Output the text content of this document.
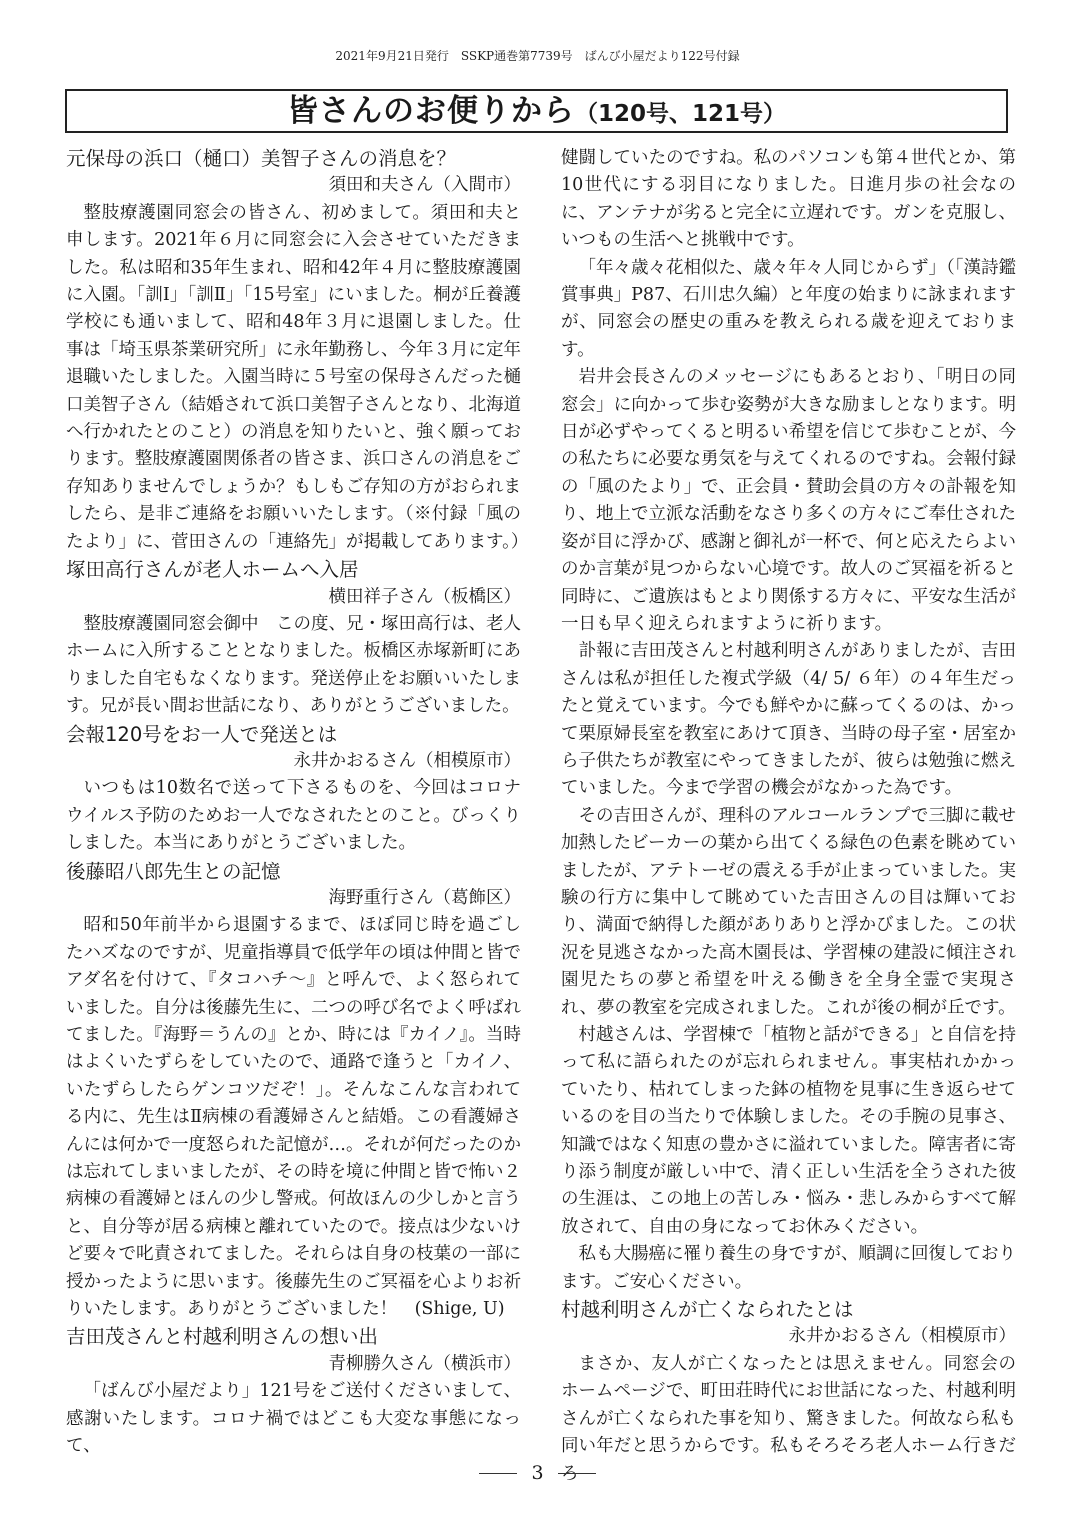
2021年9月21日発行　SSKP通巻第7739号　ばんび小屋だより122号付録
皆さんのお便りから（120号、121号）
元保母の浜口（樋口）美智子さんの消息を？
須田和夫さん（入間市）
整肢療護園同窓会の皆さん、初めまして。須田和夫と申します。2021年６月に同窓会に入会させていただきました。私は昭和35年生まれ、昭和42年４月に整肢療護園に入園。「訓Ⅰ」「訓Ⅱ」「15号室」にいました。桐が丘養護学校にも通いまして、昭和48年３月に退園しました。仕事は「埼玉県茶業研究所」に永年勤務し、今年３月に定年退職いたしました。入園当時に５号室の保母さんだった樋口美智子さん（結婚されて浜口美智子さんとなり、北海道へ行かれたとのこと）の消息を知りたいと、強く願っております。整肢療護園関係者の皆さま、浜口さんの消息をご存知ありませんでしょうか？もしもご存知の方がおられましたら、是非ご連絡をお願いいたします。（※付録「風のたより」に、菅田さんの「連絡先」が掲載してあります。）
塚田高行さんが老人ホームへ入居
横田祥子さん（板橋区）
整肢療護園同窓会御中　この度、兄・塚田高行は、老人ホームに入所することとなりました。板橋区赤塚新町にありました自宅もなくなります。発送停止をお願いいたします。兄が長い間お世話になり、ありがとうございました。
会報120号をお一人で発送とは
永井かおるさん（相模原市）
いつもは10数名で送って下さるものを、今回はコロナウイルス予防のためお一人でなされたとのこと。びっくりしました。本当にありがとうございました。
後藤昭八郎先生との記憶
海野重行さん（葛飾区）
昭和50年前半から退園するまで、ほぼ同じ時を過ごしたハズなのですが、児童指導員で低学年の頃は仲間と皆でアダ名を付けて、『タコハチ～』と呼んで、よく怒られていました。自分は後藤先生に、二つの呼び名でよく呼ばれてました。『海野＝うんの』とか、時には『カイノ』。当時はよくいたずらをしていたので、通路で逢うと「カイノ、いたずらしたらゲンコツだぞ！」。そんなこんな言われてる内に、先生はⅡ病棟の看護婦さんと結婚。この看護婦さんには何かで一度怒られた記憶が…。それが何だったのかは忘れてしまいましたが、その時を境に仲間と皆で怖い２病棟の看護婦とほんの少し警戒。何故ほんの少しかと言うと、自分等が居る病棟と離れていたので。接点は少ないけど要々で叱責されてました。それらは自身の枝葉の一部に授かったように思います。後藤先生のご冥福を心よりお祈りいたします。ありがとうございました！　(Shige, U)
吉田茂さんと村越利明さんの想い出
青柳勝久さん（横浜市）
「ばんび小屋だより」121号をご送付くださいまして、感謝いたします。コロナ禍ではどこも大変な事態になって、
健闘していたのですね。私のパソコンも第４世代とか、第10世代にする羽目になりました。日進月歩の社会なのに、アンテナが劣ると完全に立遅れです。ガンを克服し、いつもの生活へと挑戦中です。
「年々歳々花相似た、歳々年々人同じからず」（「漢詩鑑賞事典」P87、石川忠久編）と年度の始まりに詠まれますが、同窓会の歴史の重みを教えられる歳を迎えております。
岩井会長さんのメッセージにもあるとおり、「明日の同窓会」に向かって歩む姿勢が大きな励ましとなります。明日が必ずやってくると明るい希望を信じて歩むことが、今の私たちに必要な勇気を与えてくれるのですね。会報付録の「風のたより」で、正会員・賛助会員の方々の訃報を知り、地上で立派な活動をなさり多くの方々にご奉仕された姿が目に浮かび、感謝と御礼が一杯で、何と応えたらよいのか言葉が見つからない心境です。故人のご冥福を祈ると同時に、ご遺族はもとより関係する方々に、平安な生活が一日も早く迎えられますように祈ります。
訃報に吉田茂さんと村越利明さんがありましたが、吉田さんは私が担任した複式学級（4/ 5/ ６年）の４年生だったと覚えています。今でも鮮やかに蘇ってくるのは、かって栗原婦長室を教室にあけて頂き、当時の母子室・居室から子供たちが教室にやってきましたが、彼らは勉強に燃えていました。今まで学習の機会がなかった為です。
その吉田さんが、理科のアルコールランプで三脚に載せ加熱したビーカーの葉から出てくる緑色の色素を眺めていましたが、アテトーゼの震える手が止まっていました。実験の行方に集中して眺めていた吉田さんの目は輝いており、満面で納得した顔がありありと浮かびました。この状況を見逃さなかった高木園長は、学習棟の建設に傾注され園児たちの夢と希望を叶える働きを全身全霊で実現され、夢の教室を完成されました。これが後の桐が丘です。
村越さんは、学習棟で「植物と話ができる」と自信を持って私に語られたのが忘れられません。事実枯れかかっていたり、枯れてしまった鉢の植物を見事に生き返らせているのを目の当たりで体験しました。その手腕の見事さ、知識ではなく知恵の豊かさに溢れていました。障害者に寄り添う制度が厳しい中で、清く正しい生活を全うされた彼の生涯は、この地上の苦しみ・悩み・悲しみからすべて解放されて、自由の身になってお休みください。
私も大腸癌に罹り養生の身ですが、順調に回復しております。ご安心ください。
村越利明さんが亡くなられたとは
永井かおるさん（相模原市）
まさか、友人が亡くなったとは思えません。同窓会のホームページで、町田荘時代にお世話になった、村越利明さんが亡くなられた事を知り、驚きました。何故なら私も同い年だと思うからです。私もそろそろ老人ホーム行きだろ
3
